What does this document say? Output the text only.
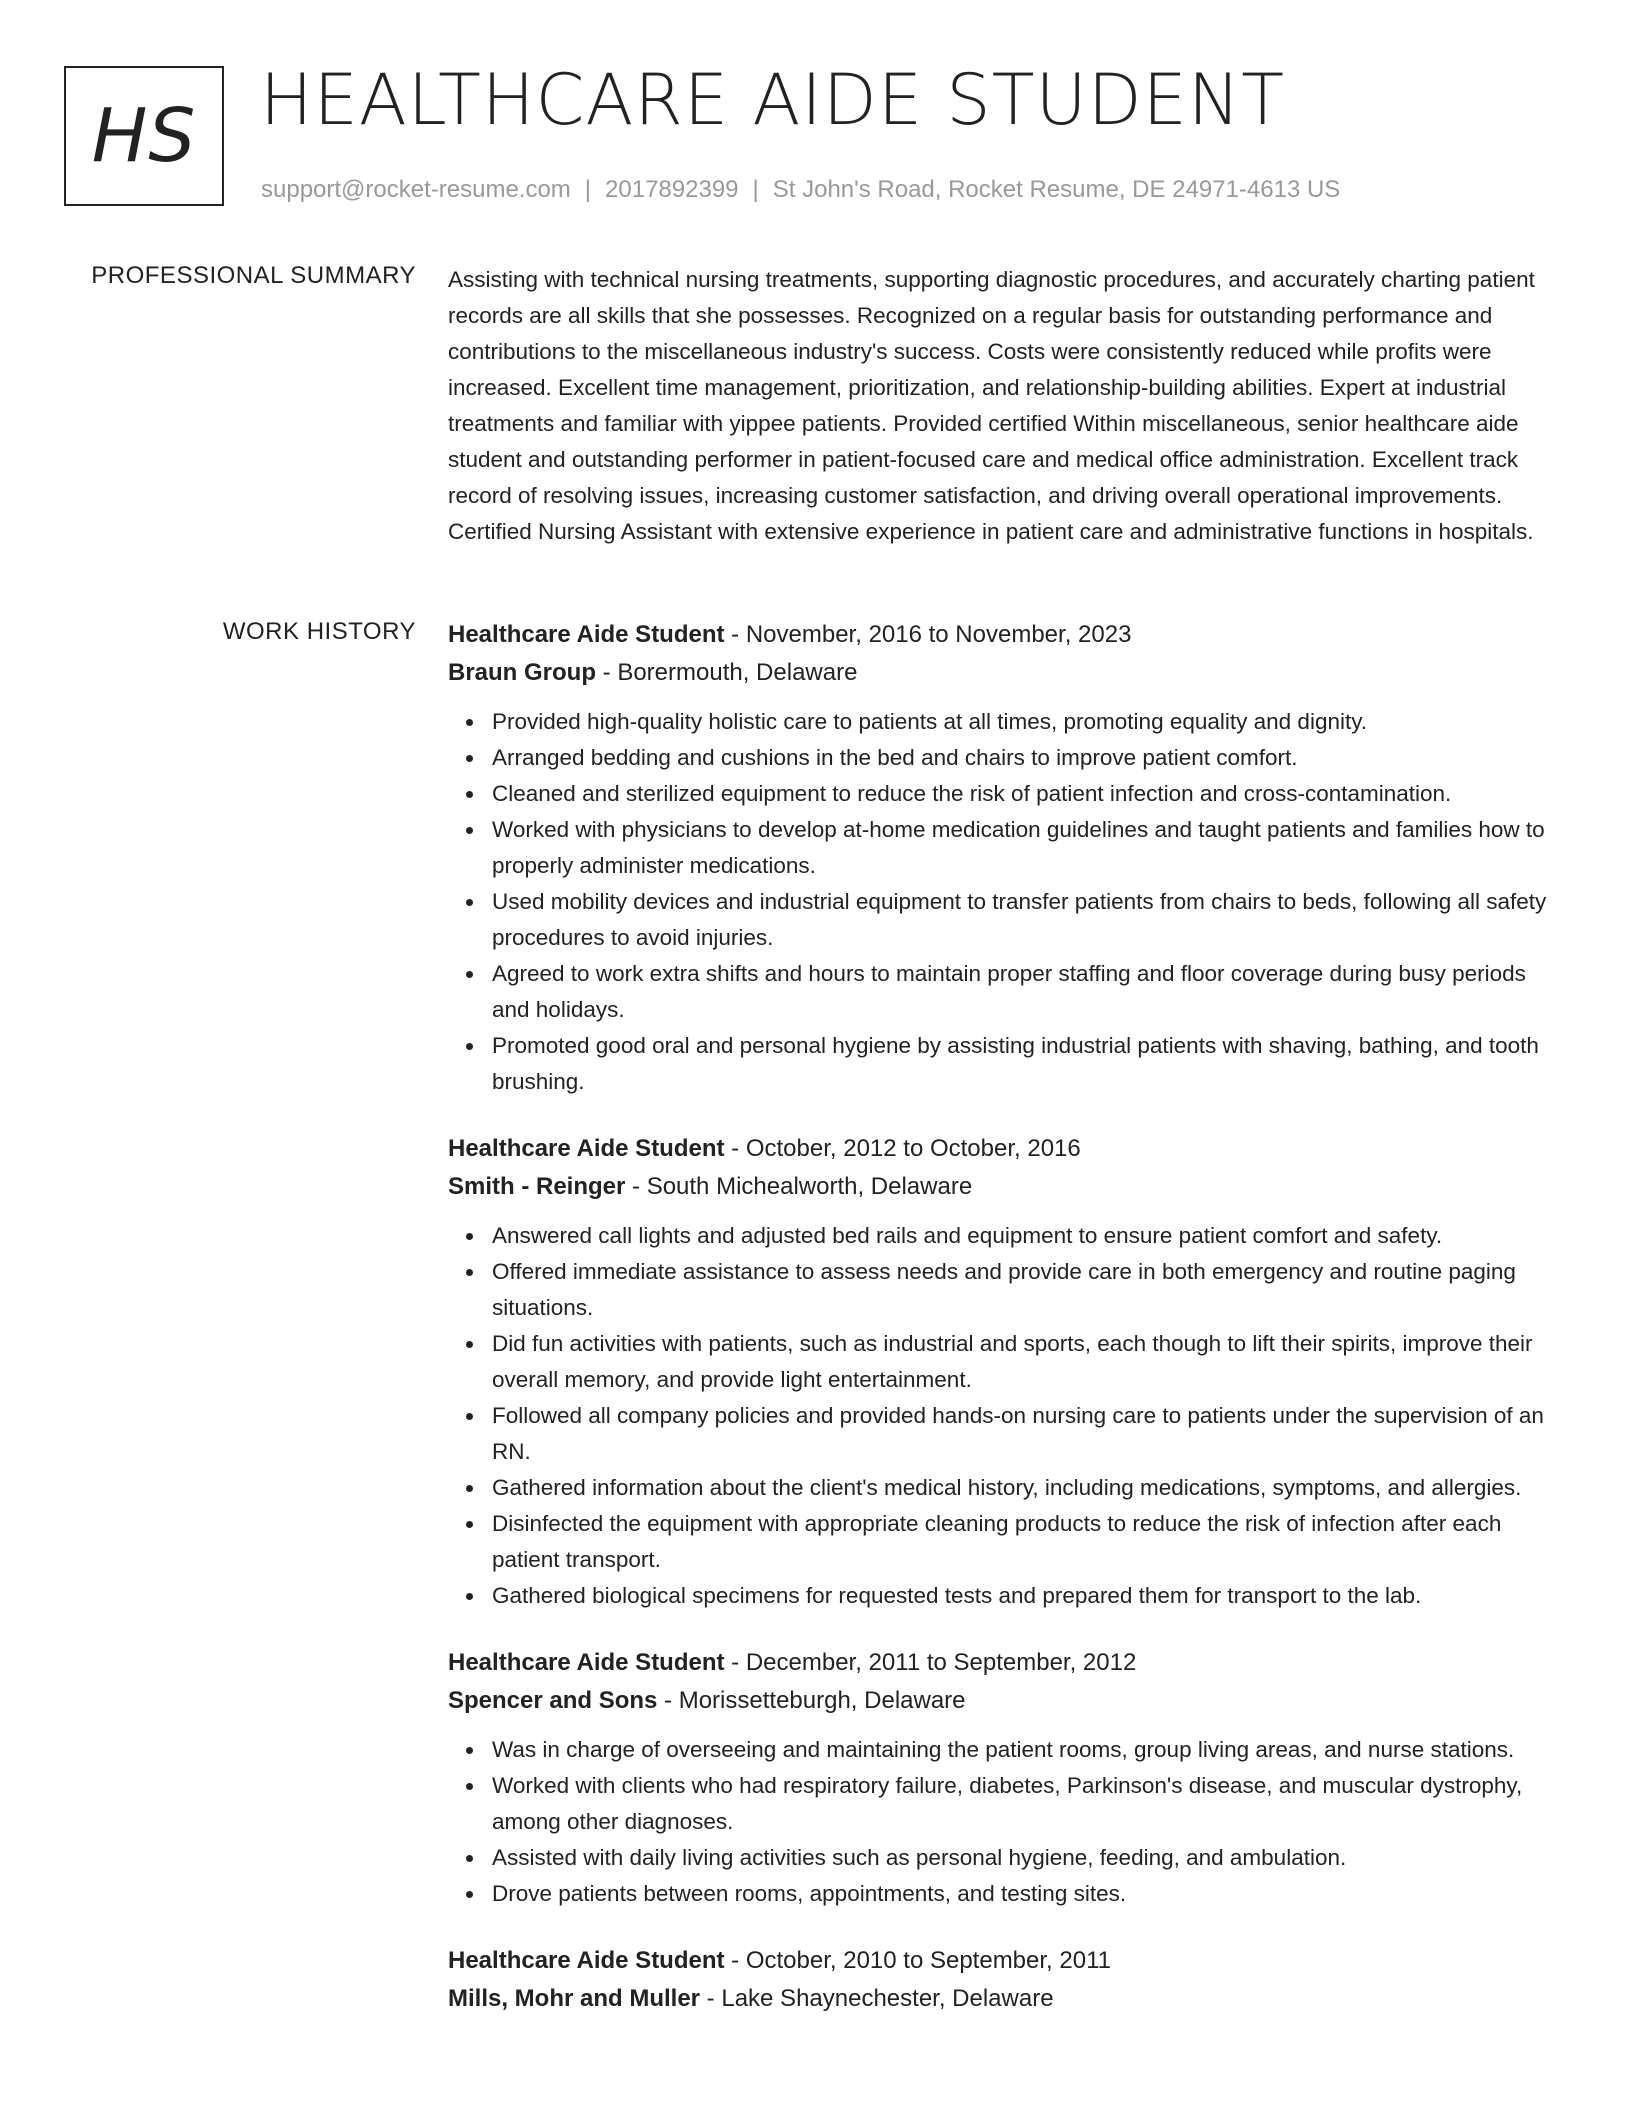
HS HEALTHCARE AIDE STUDENT
support@rocket-resume.com | 2017892399 | St John's Road, Rocket Resume, DE 24971-4613 US
PROFESSIONAL SUMMARY Assisting with technical nursing treatments, supporting diagnostic procedures, and accurately charting patient records are all skills that she possesses. Recognized on a regular basis for outstanding performance and contributions to the miscellaneous industry's success. Costs were consistently reduced while profits were increased. Excellent time management, prioritization, and relationship-building abilities. Expert at industrial treatments and familiar with yippee patients. Provided certified Within miscellaneous, senior healthcare aide student and outstanding performer in patient-focused care and medical office administration. Excellent track record of resolving issues, increasing customer satisfaction, and driving overall operational improvements. Certified Nursing Assistant with extensive experience in patient care and administrative functions in hospitals.

WORK HISTORY Healthcare Aide Student - November, 2016 to November, 2023
Braun Group - Borermouth, Delaware
Provided high-quality holistic care to patients at all times, promoting equality and dignity.
Arranged bedding and cushions in the bed and chairs to improve patient comfort.
Cleaned and sterilized equipment to reduce the risk of patient infection and cross-contamination.
Worked with physicians to develop at-home medication guidelines and taught patients and families how to properly administer medications.
Used mobility devices and industrial equipment to transfer patients from chairs to beds, following all safety procedures to avoid injuries.
Agreed to work extra shifts and hours to maintain proper staffing and floor coverage during busy periods and holidays.
Promoted good oral and personal hygiene by assisting industrial patients with shaving, bathing, and tooth brushing.
Healthcare Aide Student - October, 2012 to October, 2016
Smith - Reinger - South Michealworth, Delaware
Answered call lights and adjusted bed rails and equipment to ensure patient comfort and safety.
Offered immediate assistance to assess needs and provide care in both emergency and routine paging situations.
Did fun activities with patients, such as industrial and sports, each though to lift their spirits, improve their overall memory, and provide light entertainment.
Followed all company policies and provided hands-on nursing care to patients under the supervision of an RN.
Gathered information about the client's medical history, including medications, symptoms, and allergies.
Disinfected the equipment with appropriate cleaning products to reduce the risk of infection after each patient transport.
Gathered biological specimens for requested tests and prepared them for transport to the lab.
Healthcare Aide Student - December, 2011 to September, 2012
Spencer and Sons - Morissetteburgh, Delaware
Was in charge of overseeing and maintaining the patient rooms, group living areas, and nurse stations.
Worked with clients who had respiratory failure, diabetes, Parkinson's disease, and muscular dystrophy, among other diagnoses.
Assisted with daily living activities such as personal hygiene, feeding, and ambulation.
Drove patients between rooms, appointments, and testing sites.
Healthcare Aide Student - October, 2010 to September, 2011
Mills, Mohr and Muller - Lake Shaynechester, Delaware
